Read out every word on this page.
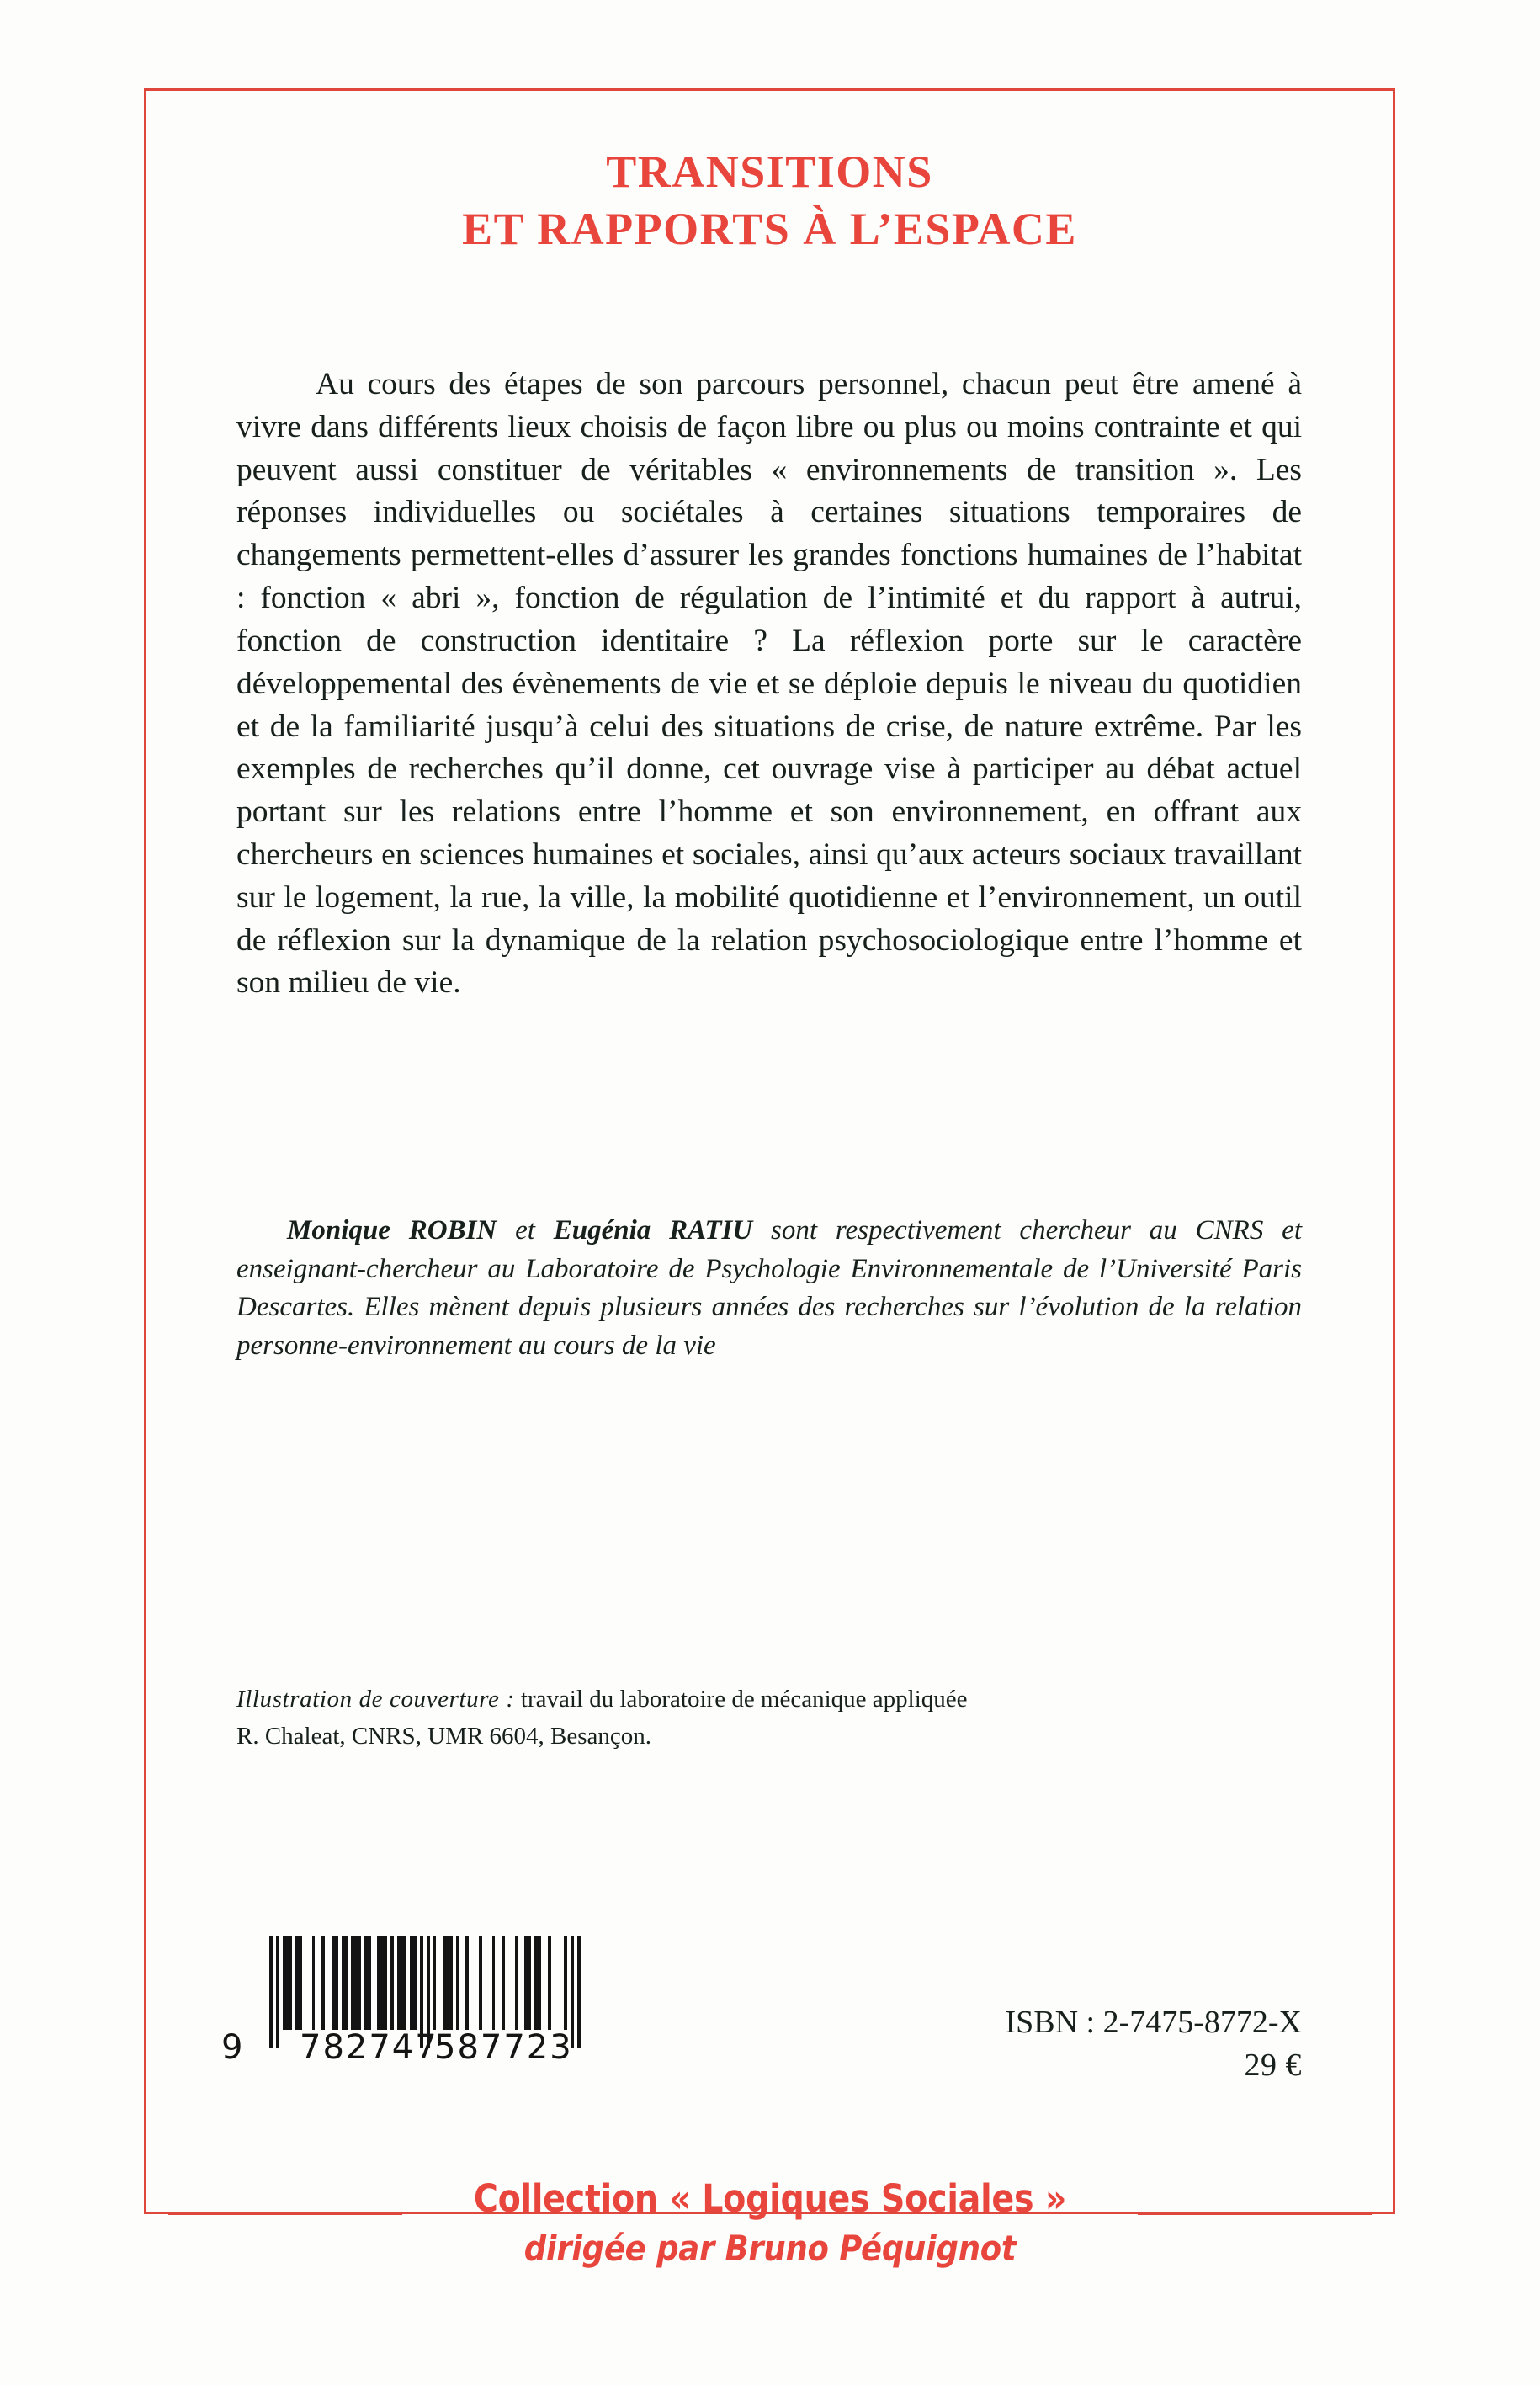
TRANSITIONS
ET RAPPORTS À L’ESPACE
Au cours des étapes de son parcours personnel, chacun peut être amené à vivre dans différents lieux choisis de façon libre ou plus ou moins contrainte et qui peuvent aussi constituer de véritables « environnements de transition ». Les réponses individuelles ou sociétales à certaines situations temporaires de changements permettent-elles d’assurer les grandes fonctions humaines de l’habitat : fonction « abri », fonction de régulation de l’intimité et du rapport à autrui, fonction de construction identitaire ? La réflexion porte sur le caractère développemental des évènements de vie et se déploie depuis le niveau du quotidien et de la familiarité jusqu’à celui des situations de crise, de nature extrême. Par les exemples de recherches qu’il donne, cet ouvrage vise à participer au débat actuel portant sur les relations entre l’homme et son environnement, en offrant aux chercheurs en sciences humaines et sociales, ainsi qu’aux acteurs sociaux travaillant sur le logement, la rue, la ville, la mobilité quotidienne et l’environnement, un outil de réflexion sur la dynamique de la relation psychosociologique entre l’homme et son milieu de vie.
Monique ROBIN et Eugénia RATIU sont respectivement chercheur au CNRS et enseignant-chercheur au Laboratoire de Psychologie Environnementale de l’Université Paris Descartes. Elles mènent depuis plusieurs années des recherches sur l’évolution de la relation personne-environnement au cours de la vie
Illustration de couverture : travail du laboratoire de mécanique appliquée
R. Chaleat, CNRS, UMR 6604, Besançon.
9 782747
587723
ISBN : 2-7475-8772-X
29 €
Collection « Logiques Sociales »
dirigée par Bruno Péquignot
